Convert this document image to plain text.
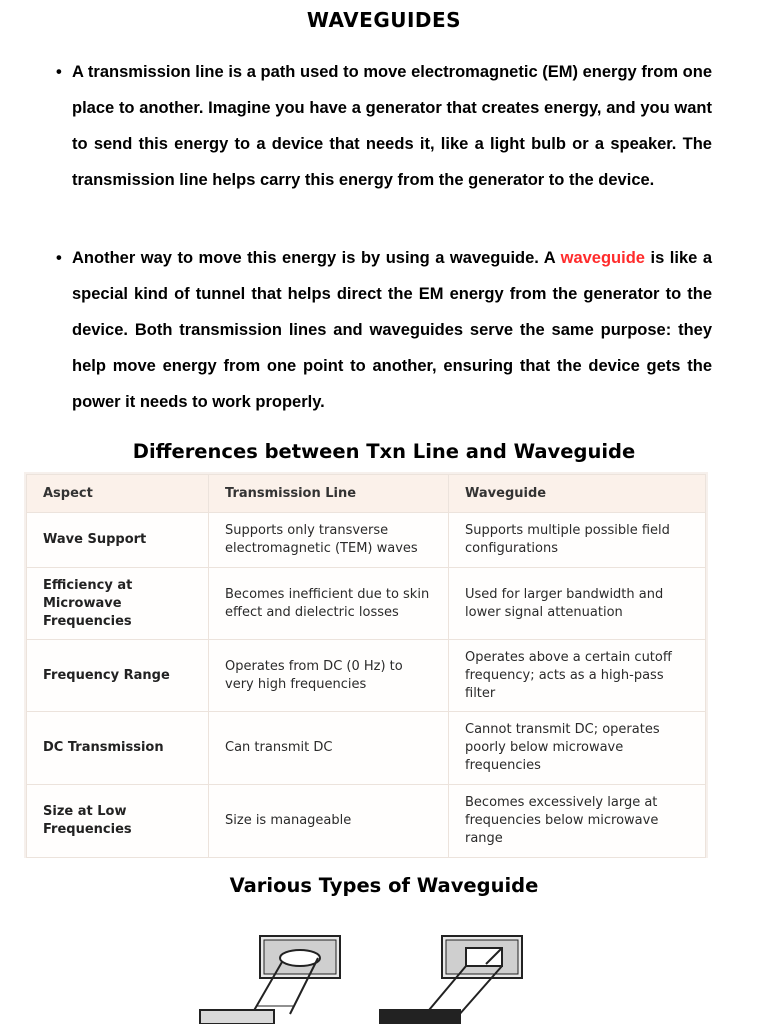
WAVEGUIDES
• A transmission line is a path used to move electromagnetic (EM) energy from one place to another. Imagine you have a generator that creates energy, and you want to send this energy to a device that needs it, like a light bulb or a speaker. The transmission line helps carry this energy from the generator to the device.
• Another way to move this energy is by using a waveguide. A waveguide is like a special kind of tunnel that helps direct the EM energy from the generator to the device. Both transmission lines and waveguides serve the same purpose: they help move energy from one point to another, ensuring that the device gets the power it needs to work properly.
Differences between Txn Line and Waveguide
Aspect	Transmission Line	Waveguide
Wave Support	Supports only transverse electromagnetic (TEM) waves	Supports multiple possible field configurations
Efficiency at Microwave Frequencies	Becomes inefficient due to skin effect and dielectric losses	Used for larger bandwidth and lower signal attenuation
Frequency Range	Operates from DC (0 Hz) to very high frequencies	Operates above a certain cutoff frequency; acts as a high-pass filter
DC Transmission	Can transmit DC	Cannot transmit DC; operates poorly below microwave frequencies
Size at Low Frequencies	Size is manageable	Becomes excessively large at frequencies below microwave range
Various Types of Waveguide
